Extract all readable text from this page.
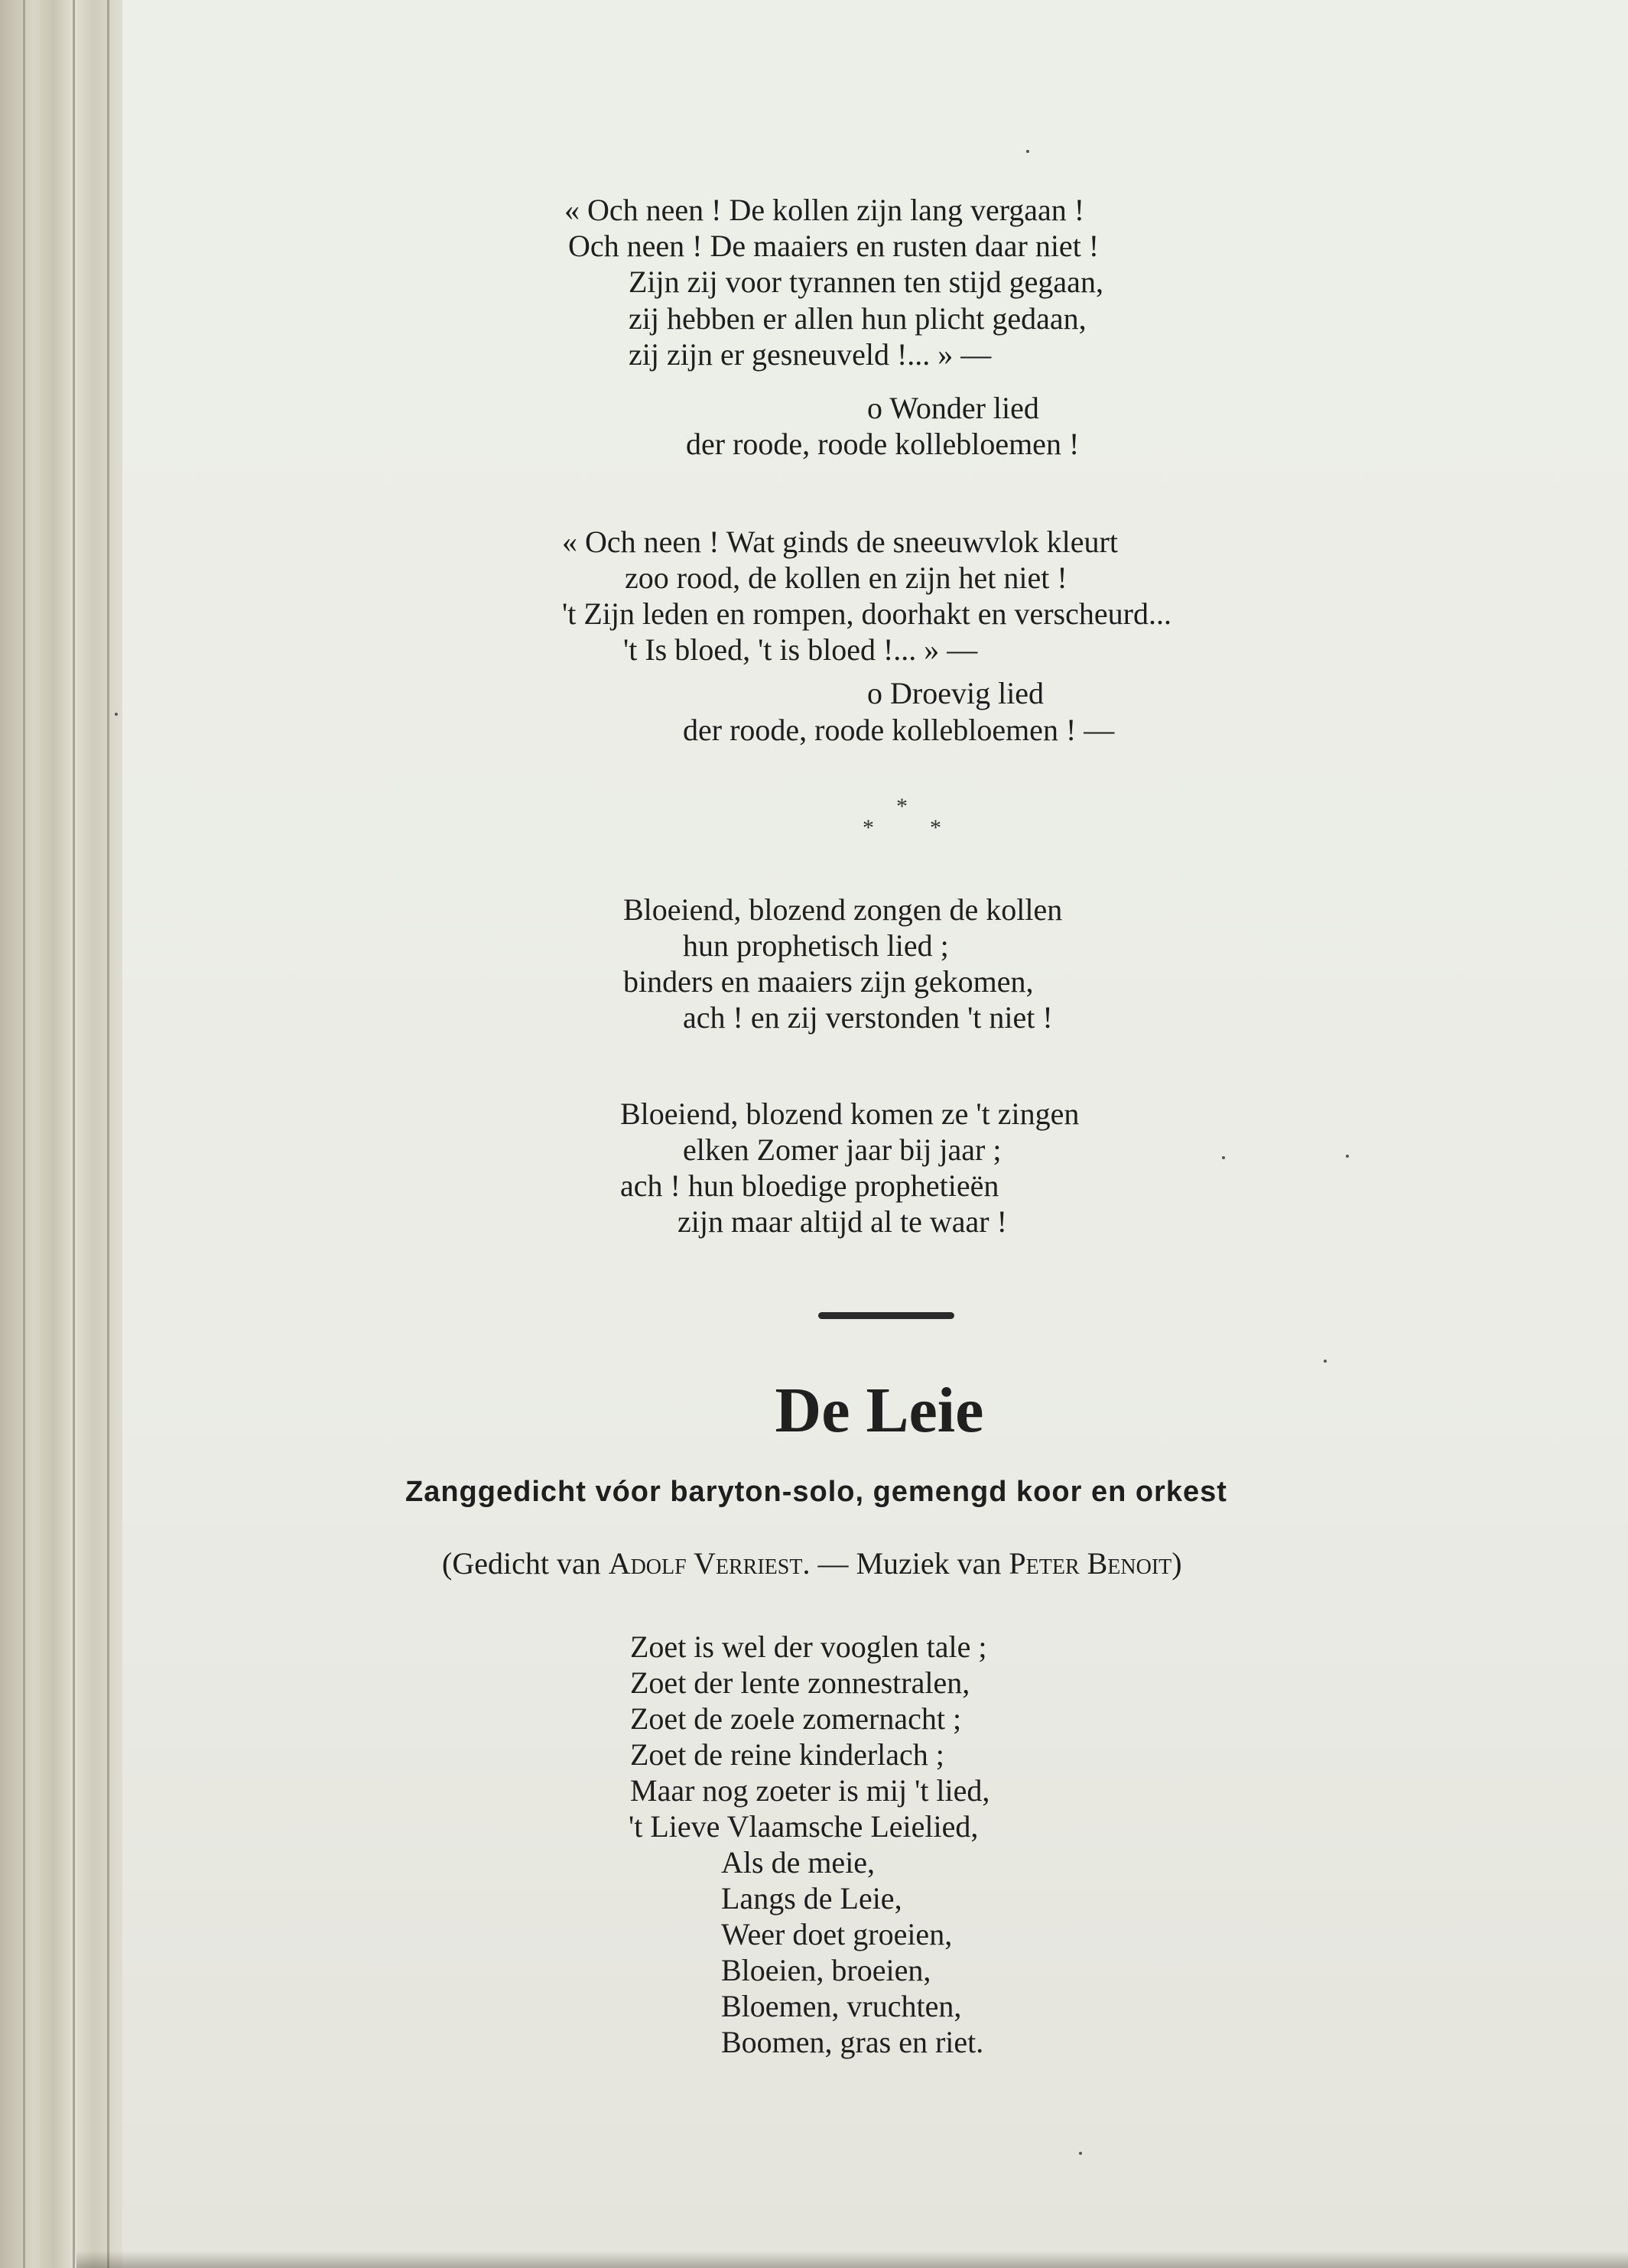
« Och neen ! De kollen zijn lang vergaan !
Och neen ! De maaiers en rusten daar niet !
Zijn zij voor tyrannen ten stijd gegaan,
zij hebben er allen hun plicht gedaan,
zij zijn er gesneuveld !... » —
o Wonder lied
der roode, roode kollebloemen !
« Och neen ! Wat ginds de sneeuwvlok kleurt
zoo rood, de kollen en zijn het niet !
't Zijn leden en rompen, doorhakt en verscheurd...
't Is bloed, 't is bloed !... » —
o Droevig lied
der roode, roode kollebloemen ! —
*
* *
Bloeiend, blozend zongen de kollen
hun prophetisch lied ;
binders en maaiers zijn gekomen,
ach ! en zij verstonden 't niet !
Bloeiend, blozend komen ze 't zingen
elken Zomer jaar bij jaar ;
ach ! hun bloedige prophetieën
zijn maar altijd al te waar !
De Leie
Zanggedicht vóor baryton-solo, gemengd koor en orkest
(Gedicht van Adolf Verriest. — Muziek van Peter Benoit)
Zoet is wel der vooglen tale ;
Zoet der lente zonnestralen,
Zoet de zoele zomernacht ;
Zoet de reine kinderlach ;
Maar nog zoeter is mij 't lied,
't Lieve Vlaamsche Leielied,
Als de meie,
Langs de Leie,
Weer doet groeien,
Bloeien, broeien,
Bloemen, vruchten,
Boomen, gras en riet.
